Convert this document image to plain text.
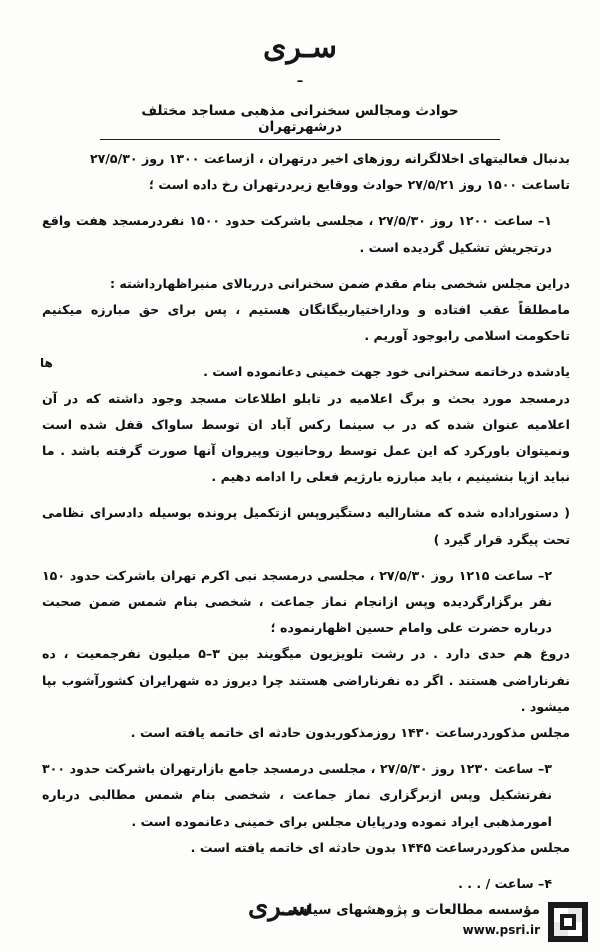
سـرى
–
حوادث ومجالس سخنرانی مذهبی مساجد مختلف درشهرتهران
ها

بدنبال فعالیتهای اخلالگرانه روزهای اخیر درتهران ، ازساعت ۱۳۰۰ روز ۲۷/۵/۳۰

تاساعت ۱۵۰۰ روز ۲۷/۵/۲۱ حوادث ووقایع زیردرتهران رخ داده است ؛

۱– ساعت ۱۲۰۰ روز ۲۷/۵/۳۰ ، مجلسی باشرکت حدود ۱۵۰۰ نفردرمسجد هفت واقع درتجریش تشکیل گردیده است .

دراین مجلس شخصی بنام مقدم ضمن سخنرانی درربالای منبراظهارداشته :

مامطلقاً عقب افتاده و وداراختیاربیگانگان هستیم ، پس برای حق مبارزه میکنیم تاحکومت اسلامی رابوجود آوریم .

یادشده درخاتمه سخنرانی خود جهت خمینی دعانموده است .

درمسجد مورد بحث و برگ اعلامیه در تابلو اطلاعات مسجد وجود داشته که در آن اعلامیه عنوان شده که در ب سینما رکس آباد ان توسط ساواک قفل شده است ونمیتوان باورکرد که این عمل توسط روحانیون وپیروان آنها صورت گرفته باشد . ما نباید ازپا بنشینیم ، باید مبارزه بارژیم فعلی را ادامه دهیم .

( دستوراداده شده که مشاراليه دستگیروپس ازتکمیل پرونده بوسیله دادسرای نظامی تحت پیگرد قرار گیرد )

۲– ساعت ۱۲۱۵ روز ۲۷/۵/۳۰ ، مجلسی درمسجد نبی اکرم تهران باشرکت حدود ۱۵۰ نفر برگزارگردیده وپس ازانجام نماز جماعت ، شخصی بنام شمس ضمن صحبت درباره حضرت علی وامام حسین اظهارنموده ؛

دروغ هم حدی دارد . در رشت تلویزیون میگویند بین ۳–۵ میلیون نفرجمعیت ، ده نفرناراضی هستند . اگر ده نفرناراضی هستند چرا دیروز ده شهرایران کشورآشوب بپا میشود .

مجلس مذکوردرساعت ۱۴۳۰ روزمذکوربدون حادثه ای خاتمه یافته است .

۳– ساعت ۱۲۳۰ روز ۲۷/۵/۳۰ ، مجلسی درمسجد جامع بازارتهران باشرکت حدود ۳۰۰ نفرتشکیل وپس ازبرگزاری نماز جماعت ، شخصی بنام شمس مطالبی درباره امورمذهبی ایراد نموده ودرپایان مجلس برای خمینی دعانموده است .

مجلس مذکوردرساعت ۱۴۴۵ بدون حادثه ای خاتمه یافته است .

۴– ساعت / . . .

سـرى
مؤسسه مطالعات و پژوهشهای سیاسی
www.psri.ir
